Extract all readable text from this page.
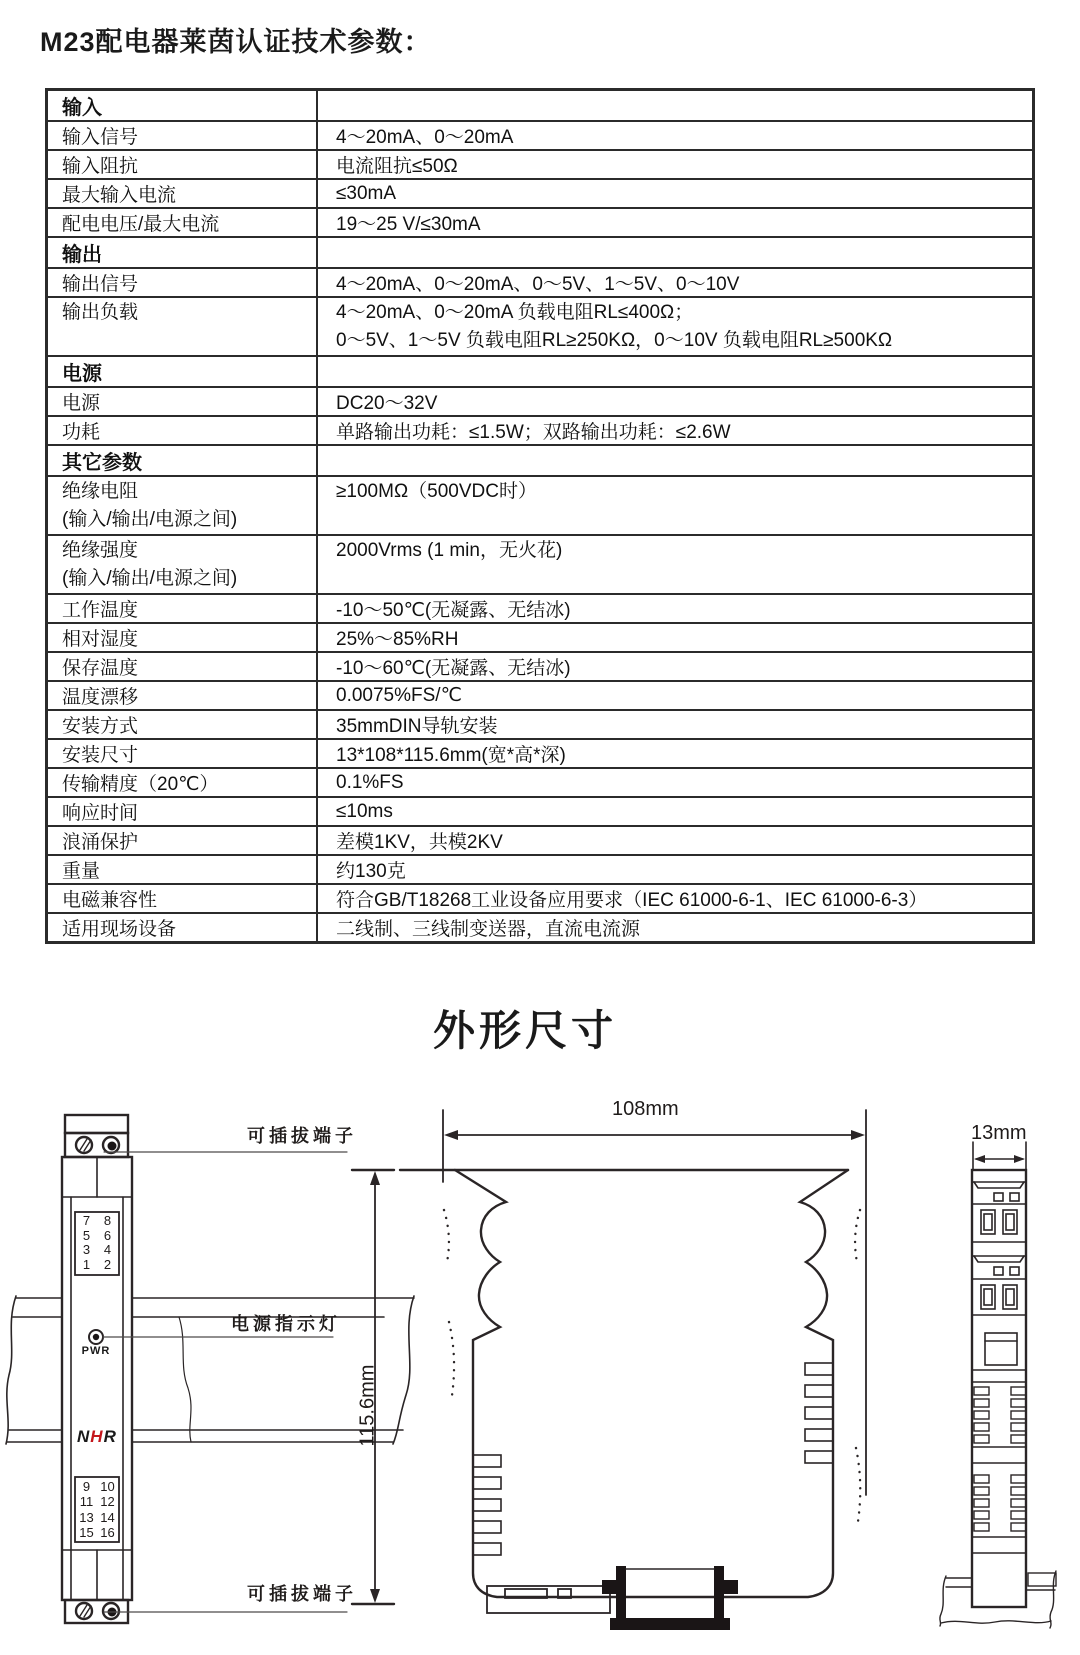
M23配电器莱茵认证技术参数：
输入	
输入信号	4～20mA、0～20mA
输入阻抗	电流阻抗≤50Ω
最大输入电流	≤30mA
配电电压/最大电流	19～25 V/≤30mA
输出	
输出信号	4～20mA、0～20mA、0～5V、1～5V、0～10V
输出负载	4～20mA、0～20mA 负载电阻RL≤400Ω；
0～5V、1～5V 负载电阻RL≥250KΩ，0～10V 负载电阻RL≥500KΩ

电源	
电源	DC20～32V
功耗	单路输出功耗：≤1.5W；双路输出功耗：≤2.6W
其它参数	

绝缘电阻
(输入/输出/电源之间)	≥100MΩ（500VDC时）

绝缘强度
(输入/输出/电源之间)	2000Vrms (1 min，无火花)
工作温度	-10～50℃(无凝露、无结冰)
相对湿度	25%～85%RH
保存温度	-10～60℃(无凝露、无结冰)
温度漂移	0.0075%FS/℃
安装方式	35mmDIN导轨安装
安装尺寸	13*108*115.6mm(宽*高*深)
传输精度（20℃）	0.1%FS
响应时间	≤10ms
浪涌保护	差模1KV，共模2KV
重量	约130克
电磁兼容性	符合GB/T18268工业设备应用要求（IEC 61000-6-1、IEC 61000-6-3）
适用现场设备	二线制、三线制变送器，直流电流源
外形尺寸
可插拔端子
电源指示灯
可插拔端子
108mm
115.6mm
13mm
PWR
NHR
7	8
5	6
3	4
1	2
9 10
11 12
13 14
15 16
